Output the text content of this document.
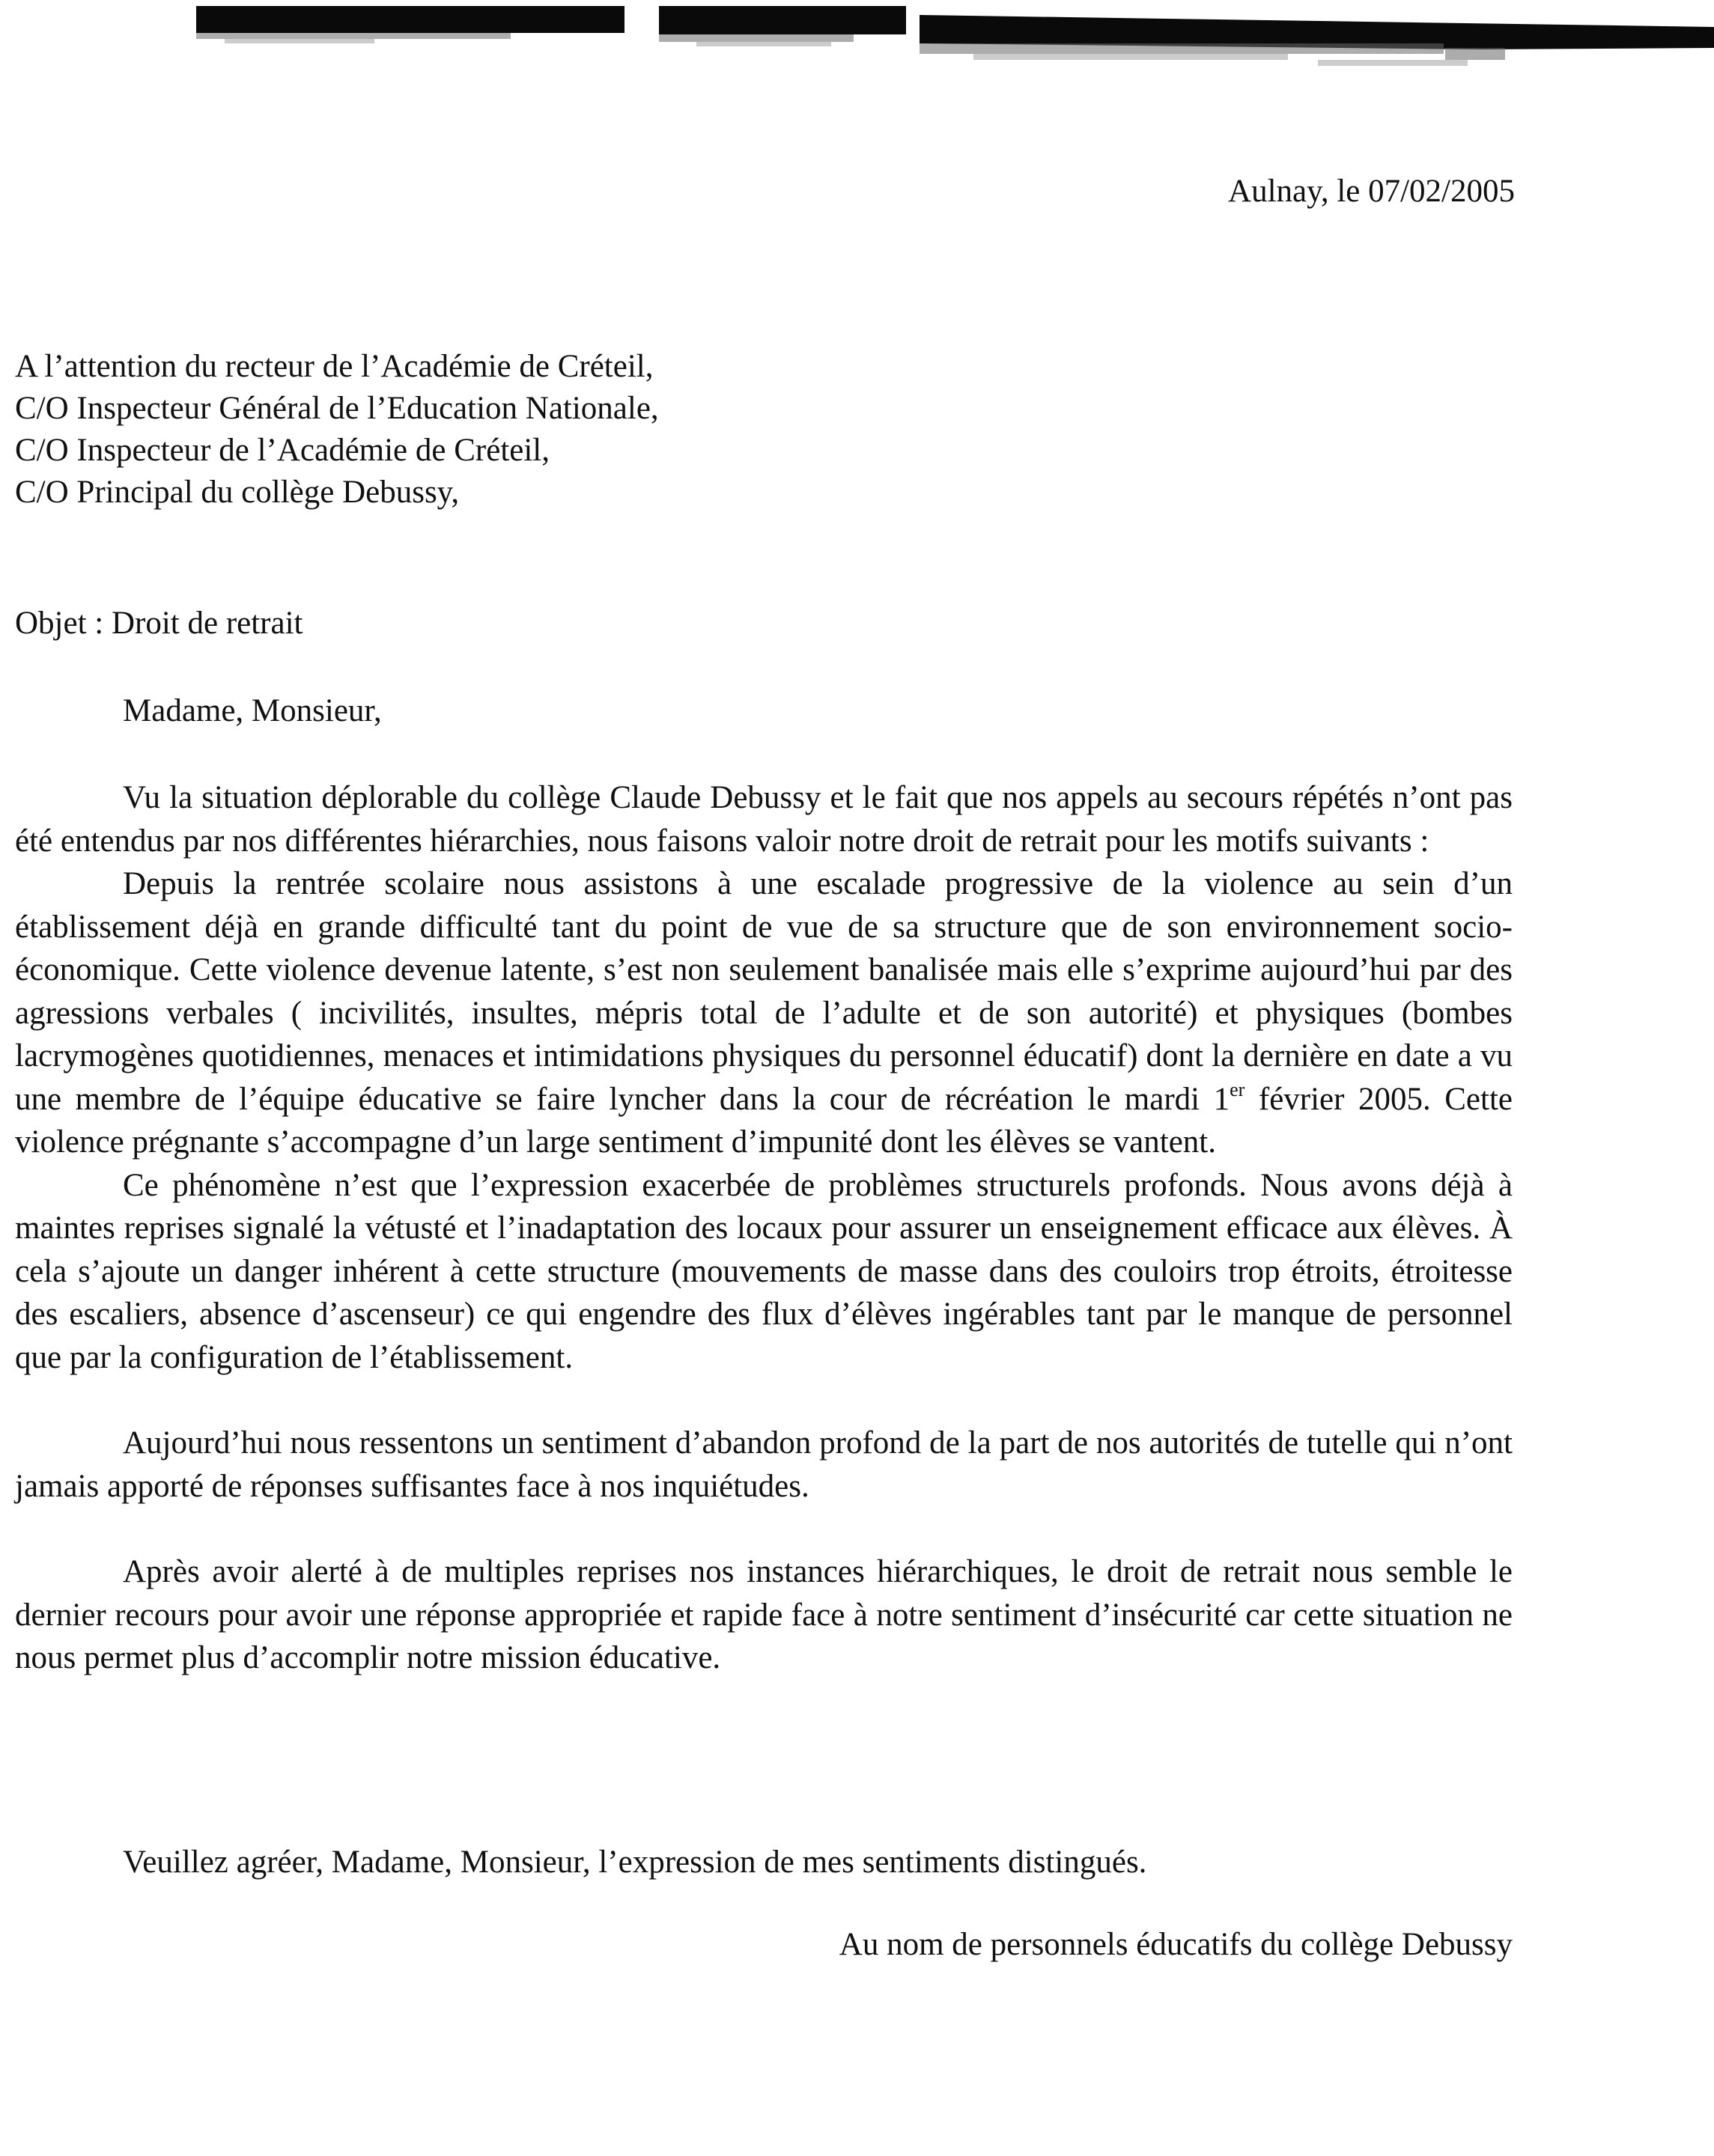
Aulnay, le 07/02/2005
A l’attention du recteur de l’Académie de Créteil,
C/O Inspecteur Général de l’Education Nationale,
C/O Inspecteur de l’Académie de Créteil,
C/O Principal du collège Debussy,
Objet : Droit de retrait
Madame, Monsieur,

Vu la situation déplorable du collège Claude Debussy et le fait que nos appels au secours répétés n’ont pas été entendus par nos différentes hiérarchies, nous faisons valoir notre droit de retrait pour les motifs suivants :

Depuis la rentrée scolaire nous assistons à une escalade progressive de la violence au sein d’un établissement déjà en grande difficulté tant du point de vue de sa structure que de son environnement socio-économique. Cette violence devenue latente, s’est non seulement banalisée mais elle s’exprime aujourd’hui par des agressions verbales ( incivilités, insultes, mépris total de l’adulte et de son autorité) et physiques (bombes lacrymogènes quotidiennes, menaces et intimidations physiques du personnel éducatif) dont la dernière en date a vu une membre de l’équipe éducative se faire lyncher dans la cour de récréation le mardi 1er février 2005. Cette violence prégnante s’accompagne d’un large sentiment d’impunité dont les élèves se vantent.

Ce phénomène n’est que l’expression exacerbée de problèmes structurels profonds. Nous avons déjà à maintes reprises signalé la vétusté et l’inadaptation des locaux pour assurer un enseignement efficace aux élèves. À cela s’ajoute un danger inhérent à cette structure (mouvements de masse dans des couloirs trop étroits, étroitesse des escaliers, absence d’ascenseur) ce qui engendre des flux d’élèves ingérables tant par le manque de personnel que par la configuration de l’établissement.

Aujourd’hui nous ressentons un sentiment d’abandon profond de la part de nos autorités de tutelle qui n’ont jamais apporté de réponses suffisantes face à nos inquiétudes.

Après avoir alerté à de multiples reprises nos instances hiérarchiques, le droit de retrait nous semble le dernier recours pour avoir une réponse appropriée et rapide face à notre sentiment d’insécurité car cette situation ne nous permet plus d’accomplir notre mission éducative.

Veuillez agréer, Madame, Monsieur, l’expression de mes sentiments distingués.
Au nom de personnels éducatifs du collège Debussy
